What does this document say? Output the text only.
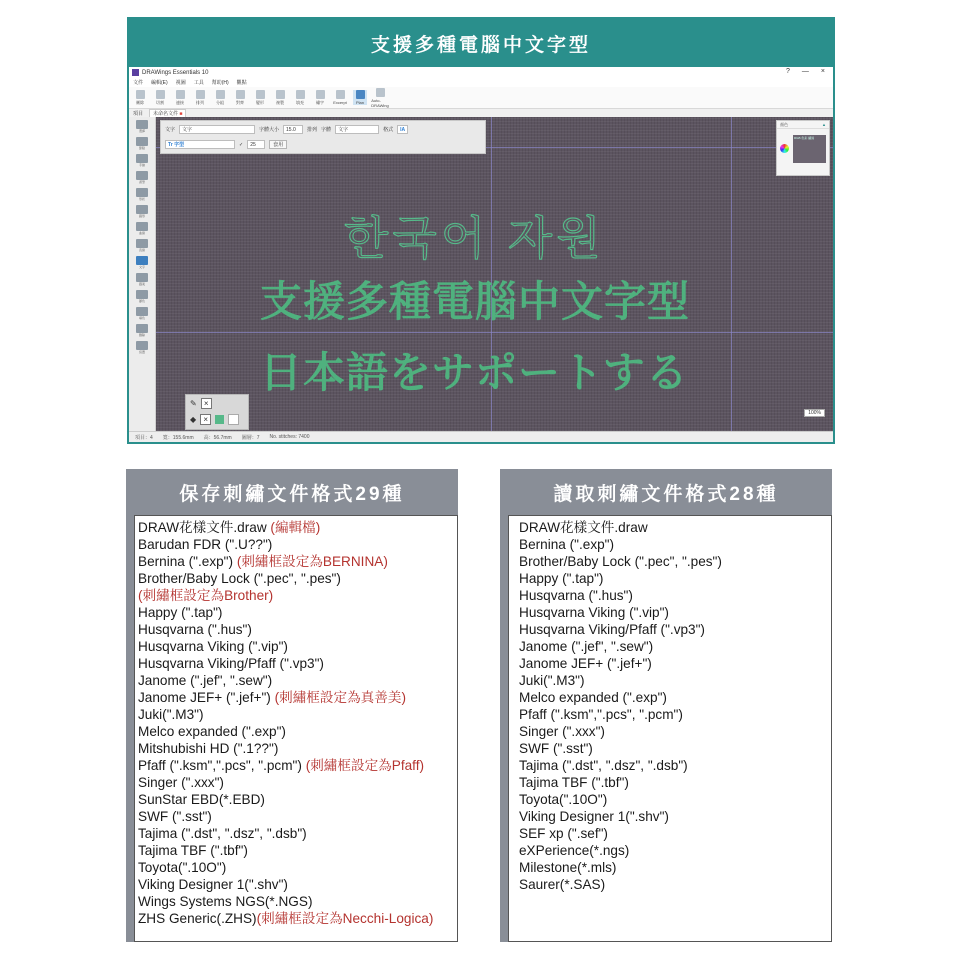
支援多種電腦中文字型
DRAWings Essentials 10	? — ×
文件 編輯(E) 視圖 工具 幫助(H) 觀點
刪除	切割	連接	排列	分組	對齊	變形	複製	填充	繡字 Excerpt Plan Auto-DRAWing
項目	未命名文件 ■
選擇
節點
手繪
畫筆
形狀
圓形
曲線
直線
文字
圖案
顏色
填色
刪除
設置
文字	文字	字體大小	15.0	排列 字體	文字	格式	IA
Tr 字型	✓	25	套用
顏色	▲
RGB 色彩 繡線
한국어 자원
支援多種電腦中文字型
日本語をサポートする
✎ ×
◆ ×
100%
項目：4 寬：155.6mm 高：56.7mm 圖層：7 No. stitches: 7400
保存刺繡文件格式29種
DRAW花樣文件.draw (編輯檔)
Barudan FDR (".U??")
Bernina (".exp") (刺繡框設定為BERNINA)
Brother/Baby Lock (".pec", ".pes")
(刺繡框設定為Brother)
Happy (".tap")
Husqvarna (".hus")
Husqvarna Viking (".vip")
Husqvarna Viking/Pfaff (".vp3")
Janome (".jef", ".sew")
Janome JEF+ (".jef+") (刺繡框設定為真善美)
Juki(".M3")
Melco expanded (".exp")
Mitshubishi HD (".1??")
Pfaff (".ksm",".pcs", ".pcm") (刺繡框設定為Pfaff)
Singer (".xxx")
SunStar EBD(*.EBD)
SWF (".sst")
Tajima (".dst", ".dsz", ".dsb")
Tajima TBF (".tbf")
Toyota(".10O")
Viking Designer 1(".shv")
Wings Systems NGS(*.NGS)
ZHS Generic(.ZHS)(刺繡框設定為Necchi-Logica)
讀取刺繡文件格式28種
DRAW花樣文件.draw
Bernina (".exp")
Brother/Baby Lock (".pec", ".pes")
Happy (".tap")
Husqvarna (".hus")
Husqvarna Viking (".vip")
Husqvarna Viking/Pfaff (".vp3")
Janome (".jef", ".sew")
Janome JEF+ (".jef+")
Juki(".M3")
Melco expanded (".exp")
Pfaff (".ksm",".pcs", ".pcm")
Singer (".xxx")
SWF (".sst")
Tajima (".dst", ".dsz", ".dsb")
Tajima TBF (".tbf")
Toyota(".10O")
Viking Designer 1(".shv")
SEF xp (".sef")
eXPerience(*.ngs)
Milestone(*.mls)
Saurer(*.SAS)
